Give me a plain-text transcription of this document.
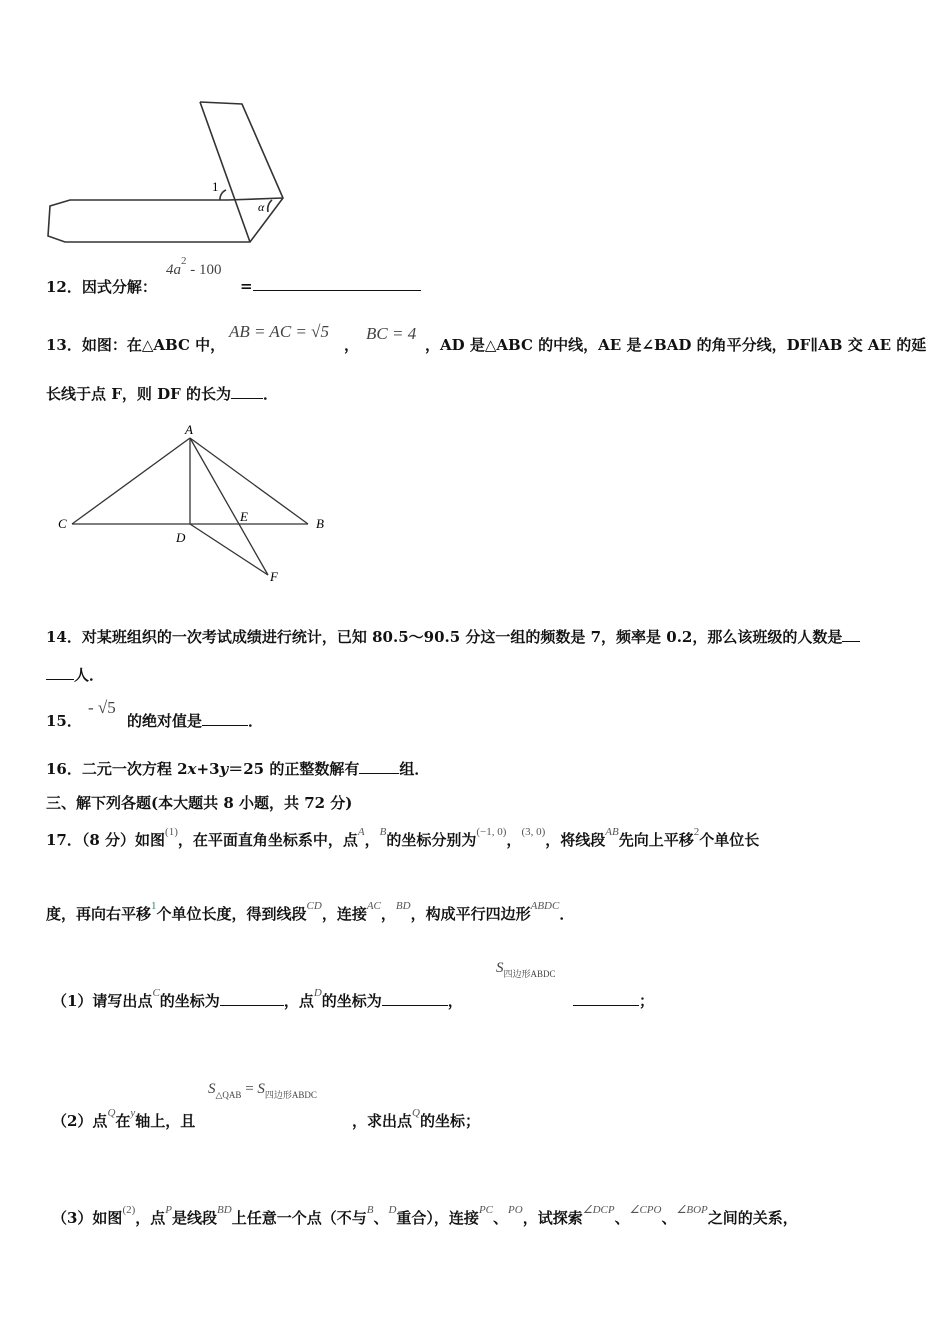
1
α
12．因式分解：
$4a^2 - 100$
=
13．如图：在△ABC 中，
AB = AC = √5
，
BC = 4
，AD 是△ABC 的中线，AE 是∠BAD 的角平分线，DF∥AB 交 AE 的延
长线于点 F，则 DF 的长为 ．
A
B
C
D
E
F
14．对某班组织的一次考试成绩进行统计，已知 80.5～90.5 分这一组的频数是 7，频率是 0.2，那么该班级的人数是
人．
15．
- √5
的绝对值是	．
16．二元一次方程 2x+3y＝25 的正整数解有	组．
三、解下列各题(本大题共 8 小题，共 72 分)
17．（8 分）如图$^{(1)}$，在平面直角坐标系中，点$^A$，$^B$的坐标分别为$^{(-1, 0)}$，$^{(3, 0)}$，将线段$^{AB}$先向上平移$^2$个单位长
度，再向右平移$^1$个单位长度，得到线段$^{CD}$，连接$^{AC}$，$^{BD}$，构成平行四边形$^{ABDC}$．
（1）请写出点$^C$的坐标为	，点$^D$的坐标为	，
$S_{四边形ABDC}$
；
（2）点$^Q$在$^y$轴上，且
$S_{\triangle QAB} = S_{四边形ABDC}$
，求出点$^Q$的坐标；
（3）如图$^{(2)}$，点$^P$是线段$^{BD}$上任意一个点（不与$^B$、$^D$重合），连接$^{PC}$、$^{PO}$，试探索$^{\angle DCP}$、$^{\angle CPO}$、$^{\angle BOP}$之间的关系，
